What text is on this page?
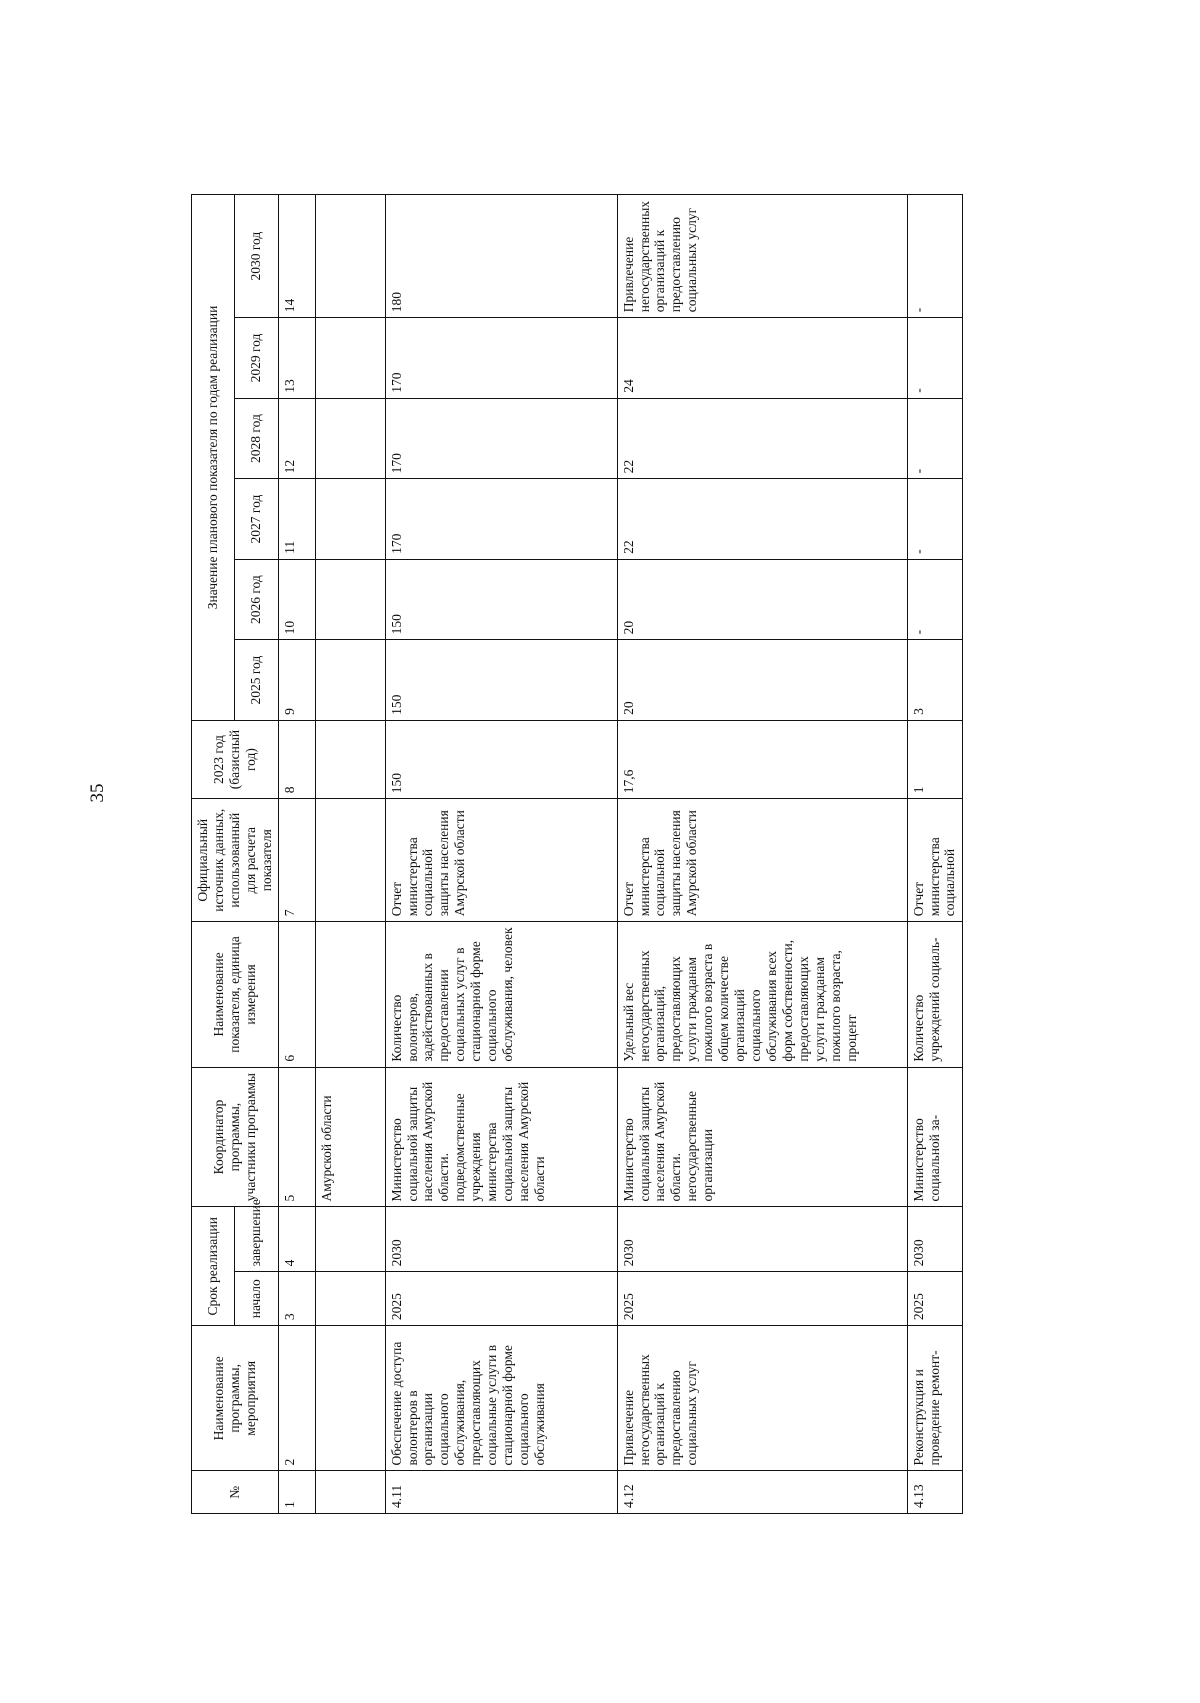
35
№	Наименование программы, мероприятия	Срок реализации		Координатор программы, участники программы	Наименование показателя, единица измерения	Официальный источник данных, использованный для расчета показателя	2023 год (базисный год)	Значение планового показателя по годам реализации					
		начало	завершение					2025 год	2026 год	2027 год	2028 год	2029 год	2030 год
1	2	3	4	5	6	7	8	9	10	11	12	13	14
				Амурской области									
4.11	Обеспечение доступа волонтеров в организации социального обслуживания, предоставляющих социальные услуги в стационарной форме социального обслуживания	2025	2030	Министерство социальной защиты населения Амурской области. подведомственные учреждения министерства социальной защиты населения Амурской области	Количество волонтеров, задействованных в предоставлении социальных услуг в стационарной форме социального обслуживания, человек	Отчет министерства социальной защиты населения Амурской области	150	150	150	170	170	170	180
4.12	Привлечение негосударственных организаций к предоставлению социальных услуг	2025	2030	Министерство социальной защиты населения Амурской области. негосударственные организации	Удельный вес негосударственных организаций, предоставляющих услуги гражданам пожилого возраста в общем количестве организаций социального обслуживания всех форм собственности, предоставляющих услуги гражданам пожилого возраста, процент	Отчет министерства социальной защиты населения Амурской области	17,6	20	20	22	22	24	Привлечение негосударственных организаций к предоставлению социальных услуг
4.13	Реконструкция и проведение ремонт-	2025	2030	Министерство социальной за-	Количество учреждений социаль-	Отчет министерства социальной	1	3	-	-	-	-	-
